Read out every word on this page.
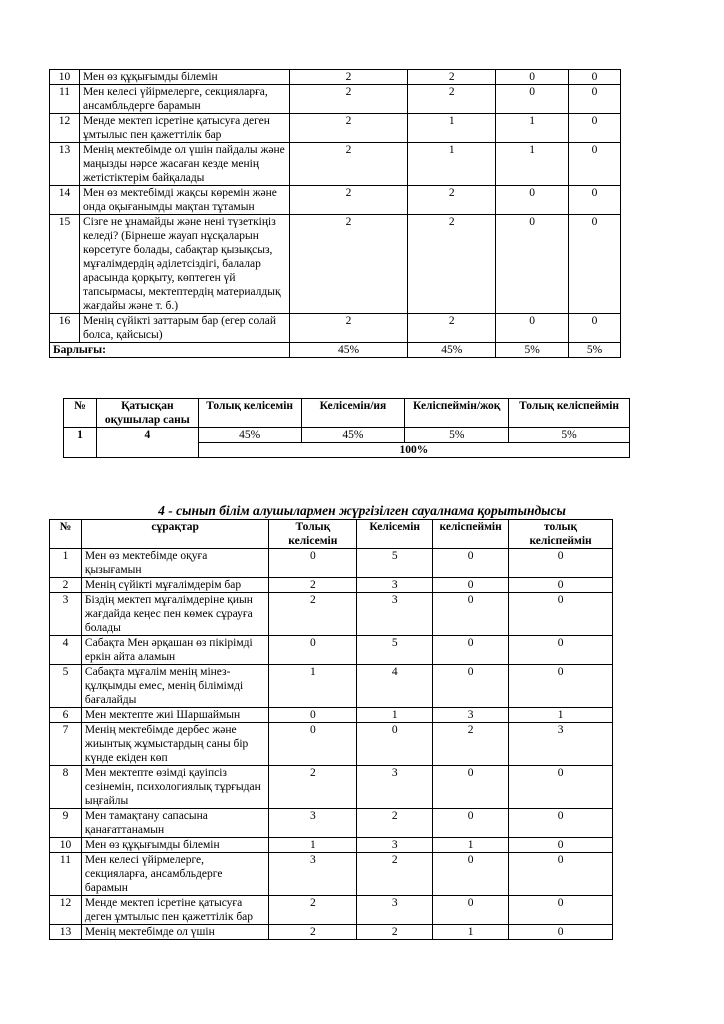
10	Мен өз құқығымды білемін	2	2	0	0
11	Мен келесі үйірмелерге, секцияларға, ансамбльдерге барамын	2	2	0	0
12	Менде мектеп ісретіне қатысуға деген ұмтылыс пен қажеттілік бар	2	1	1	0
13	Менің мектебімде ол үшін пайдалы және маңызды нәрсе жасаған кезде менің жетістіктерім байқалады	2	1	1	0
14	Мен өз мектебімді жақсы көремін және онда оқығанымды мақтан тұтамын	2	2	0	0
15	Сізге не ұнамайды және нені түзеткіңіз келеді? (Бірнеше жауап нұсқаларын көрсетуге болады, сабақтар қызықсыз, мұғалімдердің әділетсіздігі, балалар арасында қорқыту, көптеген үй тапсырмасы, мектептердің материалдық жағдайы және т. б.)	2	2	0	0
16	Менің сүйікті заттарым бар (егер солай болса, қайсысы)	2	2	0	0
Барлығы:		45%	45%	5%	5%
№	Қатысқан оқушылар саны	Толық келісемін	Келісемін/ия	Келіспеймін/жоқ	Толық келіспеймін
1	4	45%	45%	5%	5%
		100%			
4 - сынып білім алушылармен жүргізілген сауалнама қорытындысы
№	сұрақтар	Толық келісемін	Келісемін	келіспеймін	толық келіспеймін
1	Мен өз мектебімде оқуға қызығамын	0	5	0	0
2	Менің сүйікті мұғалімдерім бар	2	3	0	0
3	Біздің мектеп мұғалімдеріне қиын жағдайда кеңес пен көмек сұрауға болады	2	3	0	0
4	Сабақта Мен әрқашан өз пікірімді еркін айта аламын	0	5	0	0
5	Сабақта мұғалім менің мінез-құлқымды емес, менің білімімді бағалайды	1	4	0	0
6	Мен мектепте жиі Шаршаймын	0	1	3	1
7	Менің мектебімде дербес және жиынтық жұмыстардың саны бір күнде екіден көп	0	0	2	3
8	Мен мектепте өзімді қауіпсіз сезінемін, психологиялық тұрғыдан ыңғайлы	2	3	0	0
9	Мен тамақтану сапасына қанағаттанамын	3	2	0	0
10	Мен өз құқығымды білемін	1	3	1	0
11	Мен келесі үйірмелерге, секцияларға, ансамбльдерге барамын	3	2	0	0
12	Менде мектеп ісретіне қатысуға деген ұмтылыс пен қажеттілік бар	2	3	0	0
13	Менің мектебімде ол үшін	2	2	1	0
